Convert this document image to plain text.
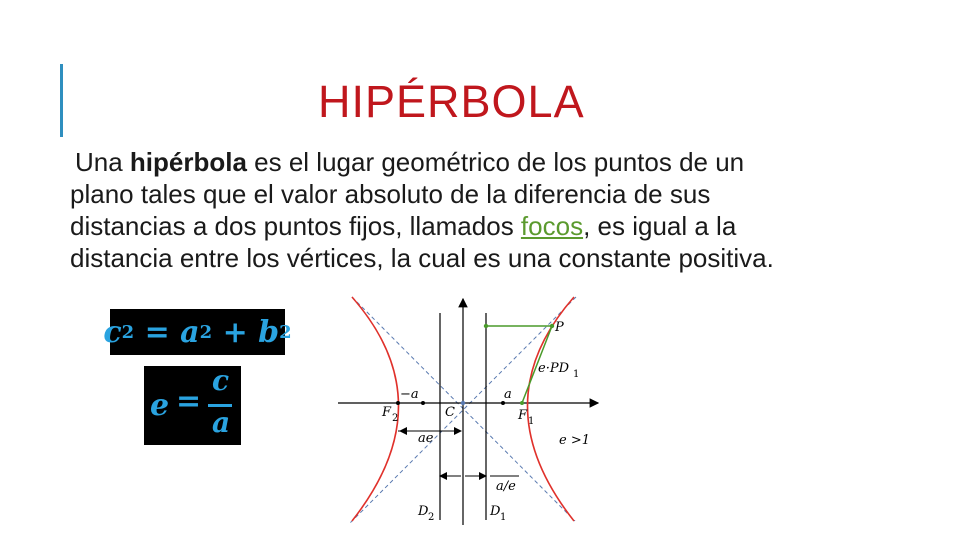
HIPÉRBOLA
Una hipérbola es el lugar geométrico de los puntos de un
plano tales que el valor absoluto de la diferencia de sus
distancias a dos puntos fijos, llamados focos, es igual a la
distancia entre los vértices, la cual es una constante positiva.
c 2 = a 2 + b 2
e =
c
a
P
e·PD 1
−a	a
F 2	C	F 1
ae	e >1
a/e
D 2	D 1
